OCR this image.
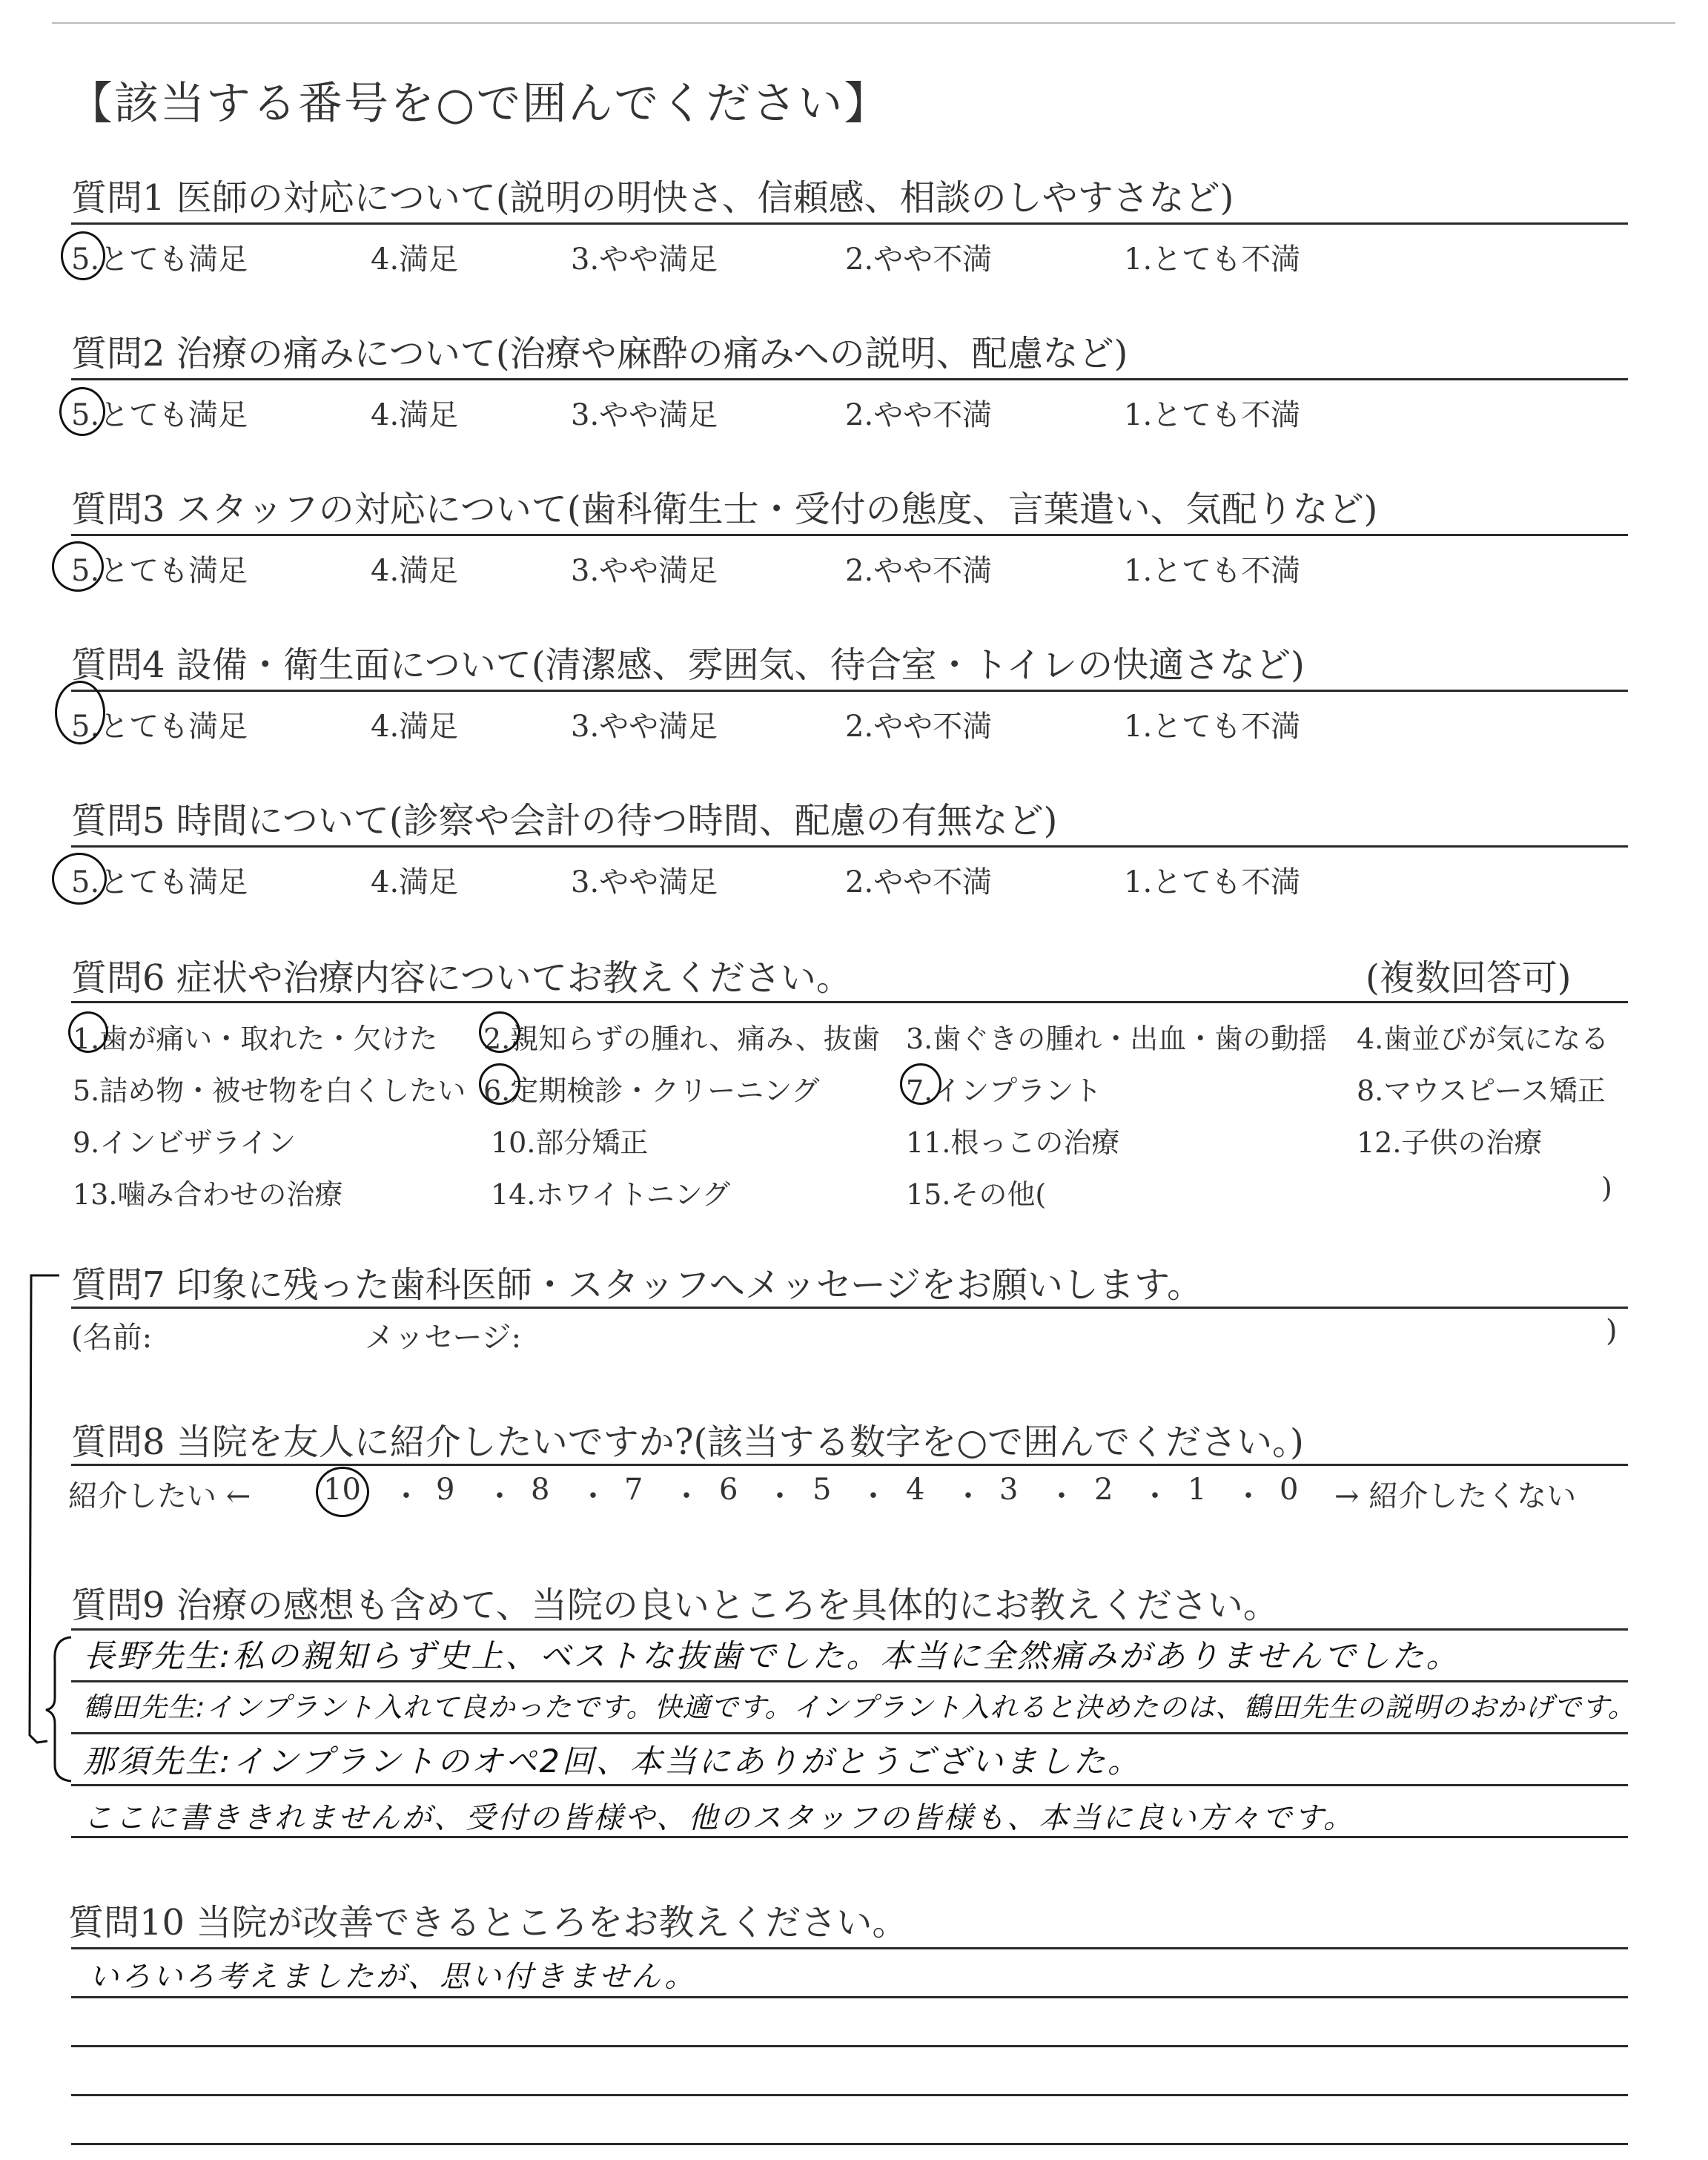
【該当する番号を○で囲んでください】
質問1 医師の対応について(説明の明快さ、信頼感、相談のしやすさなど)
5.とても満足	4.満足	3.やや満足	2.やや不満	1.とても不満
質問2 治療の痛みについて(治療や麻酔の痛みへの説明、配慮など)
5.とても満足	4.満足	3.やや満足	2.やや不満	1.とても不満
質問3 スタッフの対応について(歯科衛生士・受付の態度、言葉遣い、気配りなど)
5.とても満足	4.満足	3.やや満足	2.やや不満	1.とても不満
質問4 設備・衛生面について(清潔感、雰囲気、待合室・トイレの快適さなど)
5.とても満足	4.満足	3.やや満足	2.やや不満	1.とても不満
質問5 時間について(診察や会計の待つ時間、配慮の有無など)
5.とても満足	4.満足	3.やや満足	2.やや不満	1.とても不満
質問6 症状や治療内容についてお教えください。	(複数回答可)
1.歯が痛い・取れた・欠けた 2.親知らずの腫れ、痛み、抜歯 3.歯ぐきの腫れ・出血・歯の動揺 4.歯並びが気になる
5.詰め物・被せ物を白くしたい 6.定期検診・クリーニング	7.インプラント	8.マウスピース矯正
9.インビザライン	10.部分矯正	11.根っこの治療	12.子供の治療
13.噛み合わせの治療	14.ホワイトニング	15.その他(	)
質問7 印象に残った歯科医師・スタッフへメッセージをお願いします。
(名前:	メッセージ:	)
質問8 当院を友人に紹介したいですか?(該当する数字を○で囲んでください。)
紹介したい ←	→ 紹介したくない
10 ・ 9 ・ 8 ・ 7 ・ 6 ・ 5 ・ 4 ・ 3 ・ 2 ・ 1 ・ 0
質問9 治療の感想も含めて、当院の良いところを具体的にお教えください。
長野先生:私の親知らず史上、ベストな抜歯でした。本当に全然痛みがありませんでした。
鶴田先生:インプラント入れて良かったです。快適です。インプラント入れると決めたのは、鶴田先生の説明のおかげです。
那須先生:インプラントのオペ2回、本当にありがとうございました。
ここに書ききれませんが、受付の皆様や、他のスタッフの皆様も、本当に良い方々です。
質問10 当院が改善できるところをお教えください。
いろいろ考えましたが、思い付きません。
